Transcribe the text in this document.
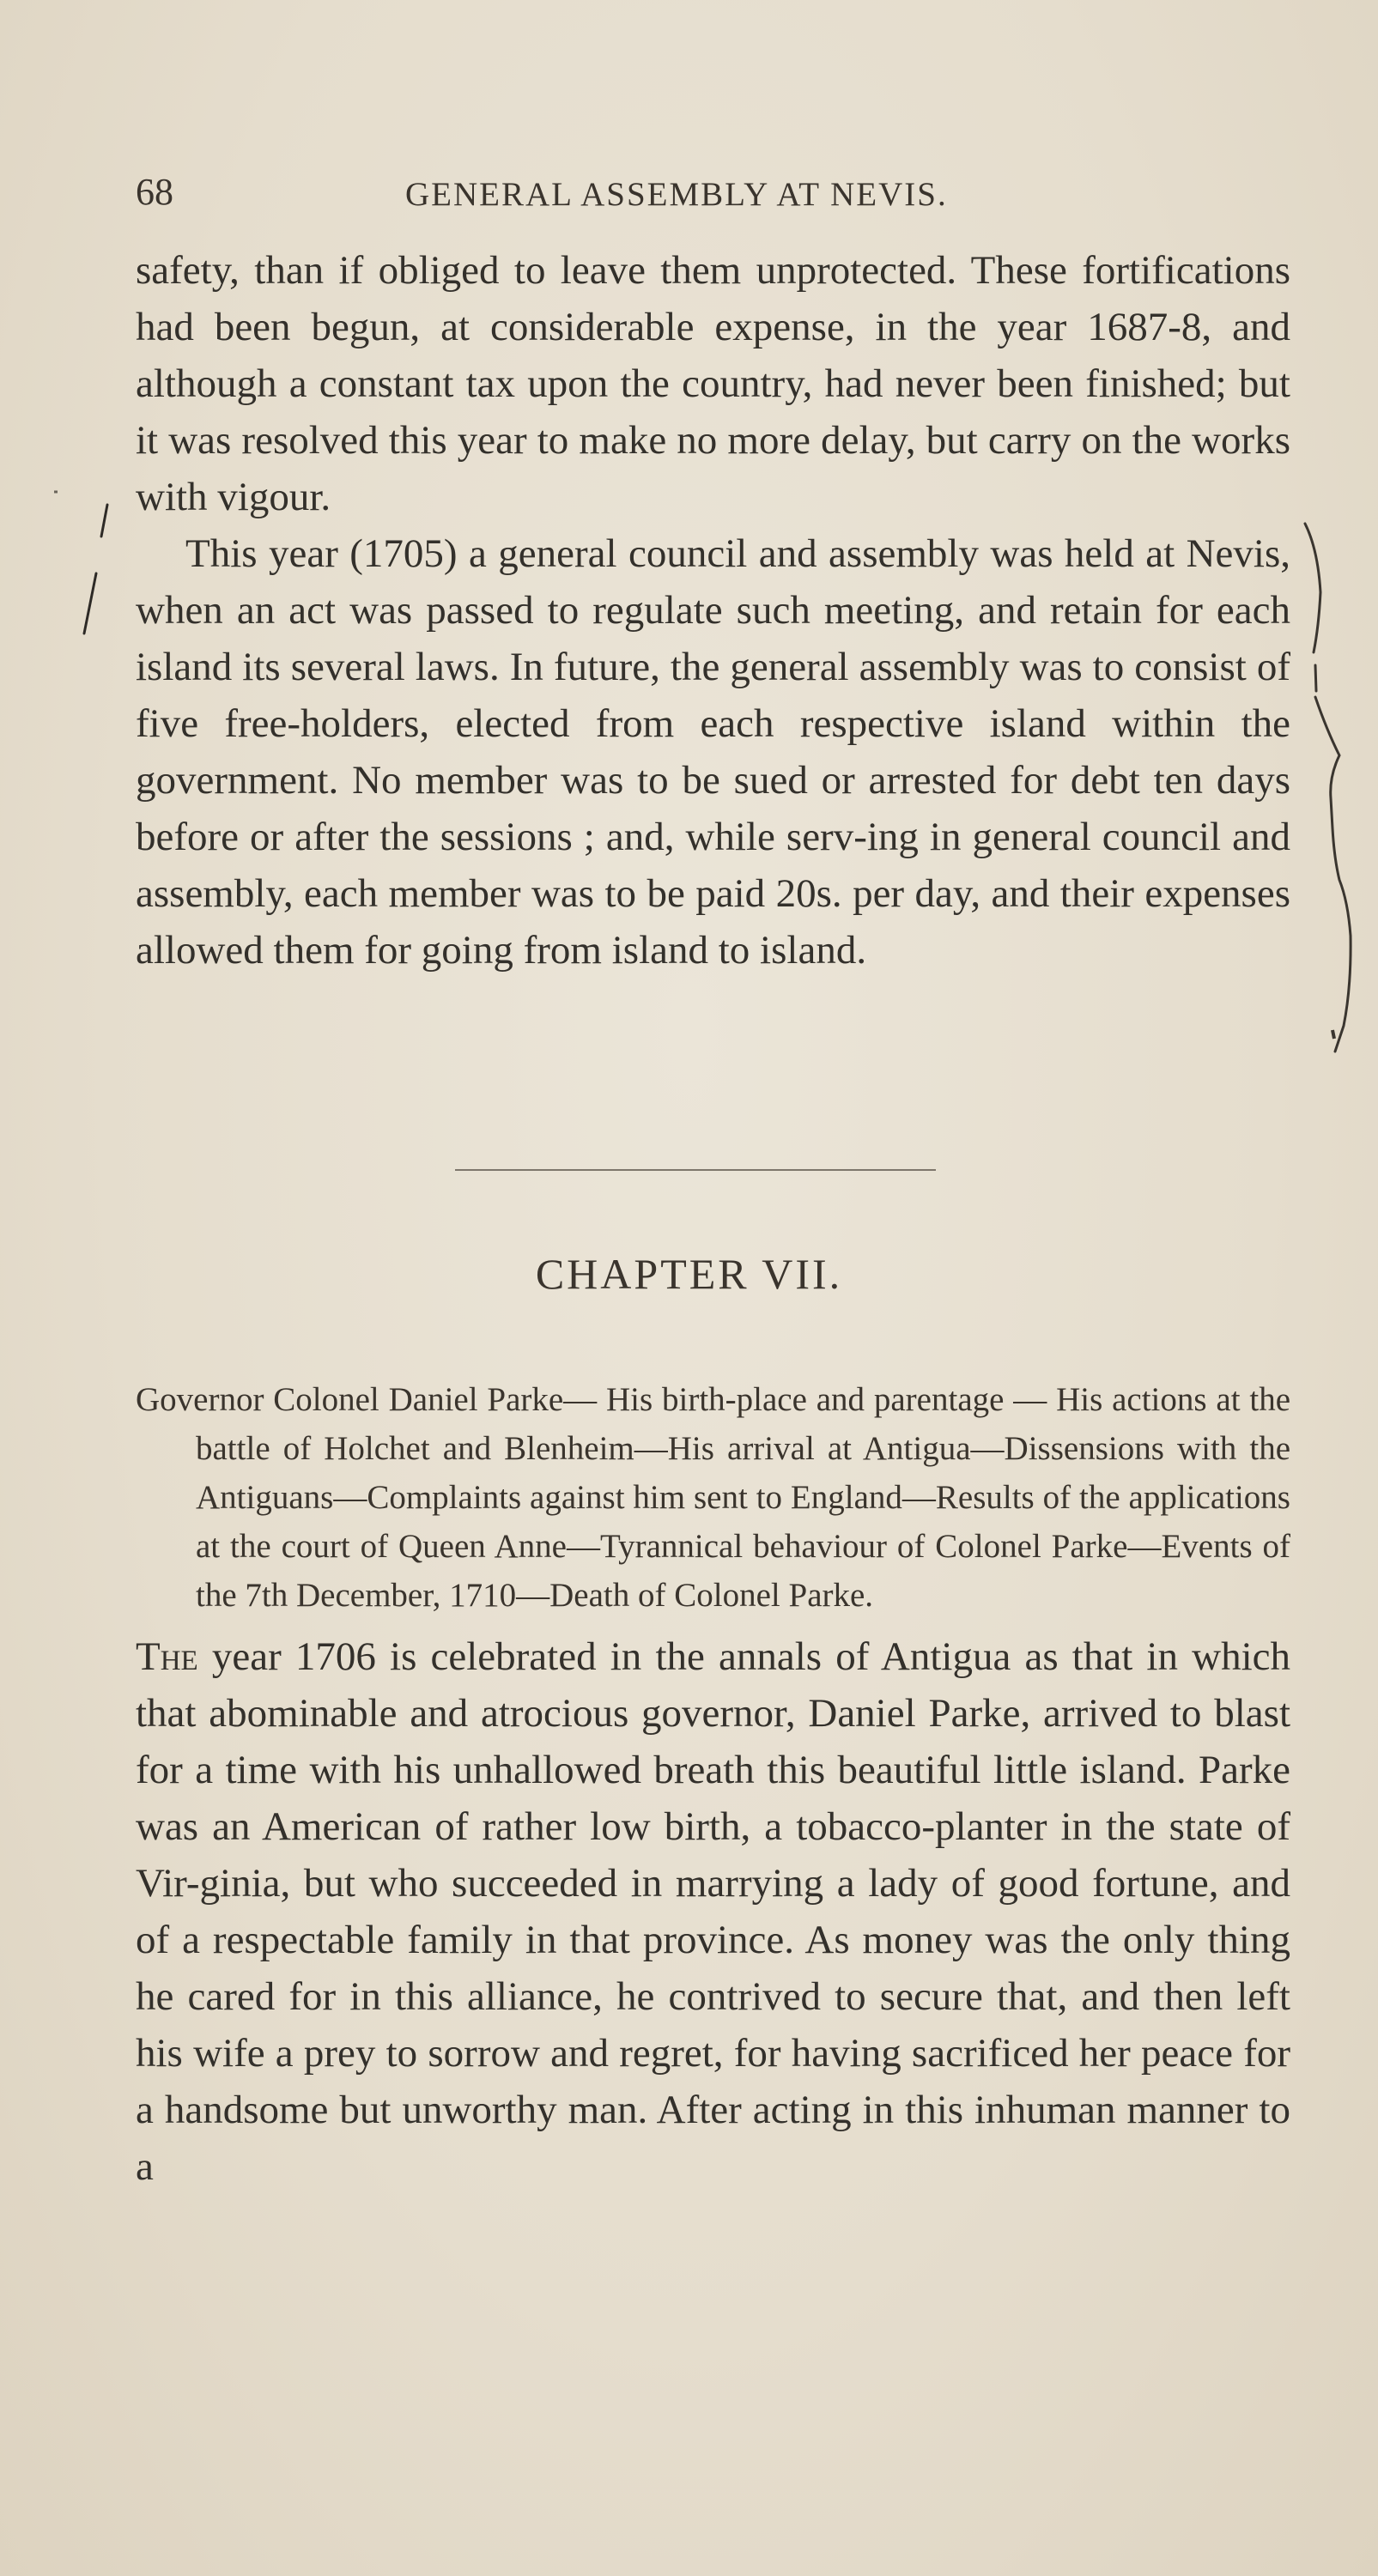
68	GENERAL ASSEMBLY AT NEVIS.

safety, than if obliged to leave them unprotected. These fortifications had been begun, at considerable expense, in the year 1687-8, and although a constant tax upon the country, had never been finished; but it was resolved this year to make no more delay, but carry on the works with vigour.

This year (1705) a general council and assembly was held at Nevis, when an act was passed to regulate such meeting, and retain for each island its several laws. In future, the general assembly was to consist of five free-holders, elected from each respective island within the government. No member was to be sued or arrested for debt ten days before or after the sessions ; and, while serv-ing in general council and assembly, each member was to be paid 20s. per day, and their expenses allowed them for going from island to island.

CHAPTER VII.
Governor Colonel Daniel Parke— His birth-place and parentage — His actions at the battle of Holchet and Blenheim—His arrival at Antigua—Dissensions with the Antiguans—Complaints against him sent to England—Results of the applications at the court of Queen Anne—Tyrannical behaviour of Colonel Parke—Events of the 7th December, 1710—Death of Colonel Parke.

The year 1706 is celebrated in the annals of Antigua as that in which that abominable and atrocious governor, Daniel Parke, arrived to blast for a time with his unhallowed breath this beautiful little island. Parke was an American of rather low birth, a tobacco-planter in the state of Vir-ginia, but who succeeded in marrying a lady of good fortune, and of a respectable family in that province. As money was the only thing he cared for in this alliance, he contrived to secure that, and then left his wife a prey to sorrow and regret, for having sacrificed her peace for a handsome but unworthy man. After acting in this inhuman manner to a
